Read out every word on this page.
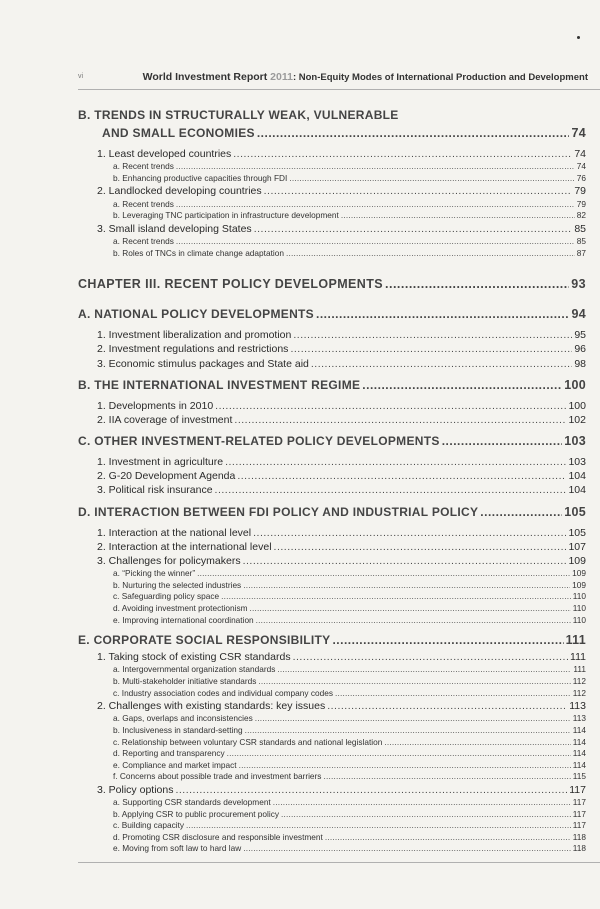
vi	World Investment Report 2011: Non-Equity Modes of International Production and Development
B. TRENDS IN STRUCTURALLY WEAK, VULNERABLE
AND SMALL ECONOMIES .....	74
1. Least developed countries .....	74
a. Recent trends .....	74
b. Enhancing productive capacities through FDI .....	76
2. Landlocked developing countries .....	79
a. Recent trends .....	79
b. Leveraging TNC participation in infrastructure development .....	82
3. Small island developing States .....	85
a. Recent trends .....	85
b. Roles of TNCs in climate change adaptation .....	87
CHAPTER III. RECENT POLICY DEVELOPMENTS .....	93
A. NATIONAL POLICY DEVELOPMENTS .....	94
1. Investment liberalization and promotion .....	95
2. Investment regulations and restrictions .....	96
3. Economic stimulus packages and State aid .....	98
B. THE INTERNATIONAL INVESTMENT REGIME .....	100
1. Developments in 2010 .....	100
2. IIA coverage of investment .....	102
C. OTHER INVESTMENT-RELATED POLICY DEVELOPMENTS .....	103
1. Investment in agriculture .....	103
2. G-20 Development Agenda .....	104
3. Political risk insurance .....	104
D. INTERACTION BETWEEN FDI POLICY AND INDUSTRIAL POLICY .....	105
1. Interaction at the national level .....	105
2. Interaction at the international level .....	107
3. Challenges for policymakers .....	109
a. “Picking the winner” .....	109
b. Nurturing the selected industries .....	109
c. Safeguarding policy space .....	110
d. Avoiding investment protectionism .....	110
e. Improving international coordination .....	110
E. CORPORATE SOCIAL RESPONSIBILITY .....	111
1. Taking stock of existing CSR standards .....	111
a. Intergovernmental organization standards .....	111
b. Multi-stakeholder initiative standards .....	112
c. Industry association codes and individual company codes .....	112
2. Challenges with existing standards: key issues .....	113
a. Gaps, overlaps and inconsistencies .....	113
b. Inclusiveness in standard-setting .....	114
c. Relationship between voluntary CSR standards and national legislation .....	114
d. Reporting and transparency .....	114
e. Compliance and market impact .....	114
f. Concerns about possible trade and investment barriers .....	115
3. Policy options .....	117
a. Supporting CSR standards development .....	117
b. Applying CSR to public procurement policy .....	117
c. Building capacity .....	117
d. Promoting CSR disclosure and responsible investment .....	118
e. Moving from soft law to hard law .....	118
